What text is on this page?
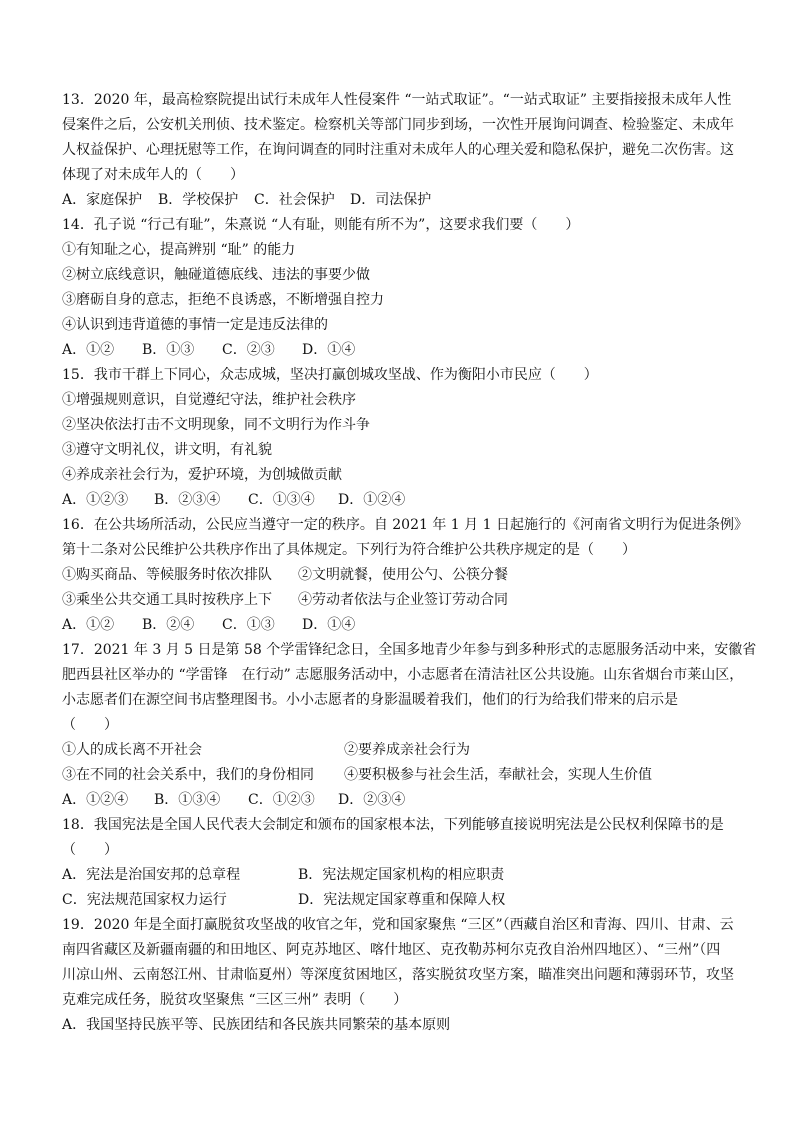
13．2020 年，最高检察院提出试行未成年人性侵案件 “一站式取证”。“一站式取证” 主要指接报未成年人性
侵案件之后，公安机关刑侦、技术鉴定。检察机关等部门同步到场，一次性开展询问调查、检验鉴定、未成年
人权益保护、心理抚慰等工作，在询问调查的同时注重对未成年人的心理关爱和隐私保护，避免二次伤害。这
体现了对未成年人的（　　）
A．家庭保护	B．学校保护	C．社会保护	D．司法保护
14．孔子说 “行己有耻”，朱熹说 “人有耻，则能有所不为”，这要求我们要（　　）
①有知耻之心，提高辨别 “耻” 的能力
②树立底线意识，触碰道德底线、违法的事要少做
③磨砺自身的意志，拒绝不良诱惑，不断增强自控力
④认识到违背道德的事情一定是违反法律的
A．①②	B．①③	C．②③	D．①④
15．我市干群上下同心，众志成城，坚决打赢创城攻坚战、作为衡阳小市民应（　　）
①增强规则意识，自觉遵纪守法，维护社会秩序
②坚决依法打击不文明现象，同不文明行为作斗争
③遵守文明礼仪，讲文明，有礼貌
④养成亲社会行为，爱护环境，为创城做贡献
A．①②③	B．②③④	C．①③④	D．①②④
16．在公共场所活动，公民应当遵守一定的秩序。自 2021 年 1 月 1 日起施行的《河南省文明行为促进条例》
第十二条对公民维护公共秩序作出了具体规定。下列行为符合维护公共秩序规定的是（　　）
①购买商品、等候服务时依次排队	②文明就餐，使用公勺、公筷分餐
③乘坐公共交通工具时按秩序上下	④劳动者依法与企业签订劳动合同
A．①②	B．②④	C．①③	D．①④
17．2021 年 3 月 5 日是第 58 个学雷锋纪念日，全国多地青少年参与到多种形式的志愿服务活动中来，安徽省
肥西县社区举办的 “学雷锋　在行动” 志愿服务活动中，小志愿者在清洁社区公共设施。山东省烟台市莱山区，
小志愿者们在源空间书店整理图书。小小志愿者的身影温暖着我们，他们的行为给我们带来的启示是
（　　）
①人的成长离不开社会	②要养成亲社会行为
③在不同的社会关系中，我们的身份相同	④要积极参与社会生活，奉献社会，实现人生价值
A．①②④	B．①③④	C．①②③	D．②③④
18．我国宪法是全国人民代表大会制定和颁布的国家根本法，下列能够直接说明宪法是公民权利保障书的是
（　　）
A．宪法是治国安邦的总章程	B．宪法规定国家机构的相应职责
C．宪法规范国家权力运行	D．宪法规定国家尊重和保障人权
19．2020 年是全面打赢脱贫攻坚战的收官之年，党和国家聚焦 “三区”（西藏自治区和青海、四川、甘肃、云
南四省藏区及新疆南疆的和田地区、阿克苏地区、喀什地区、克孜勒苏柯尔克孜自治州四地区）、“三州”（四
川凉山州、云南怒江州、甘肃临夏州）等深度贫困地区，落实脱贫攻坚方案，瞄准突出问题和薄弱环节，攻坚
克难完成任务，脱贫攻坚聚焦 “三区三州” 表明（　　）
A．我国坚持民族平等、民族团结和各民族共同繁荣的基本原则
